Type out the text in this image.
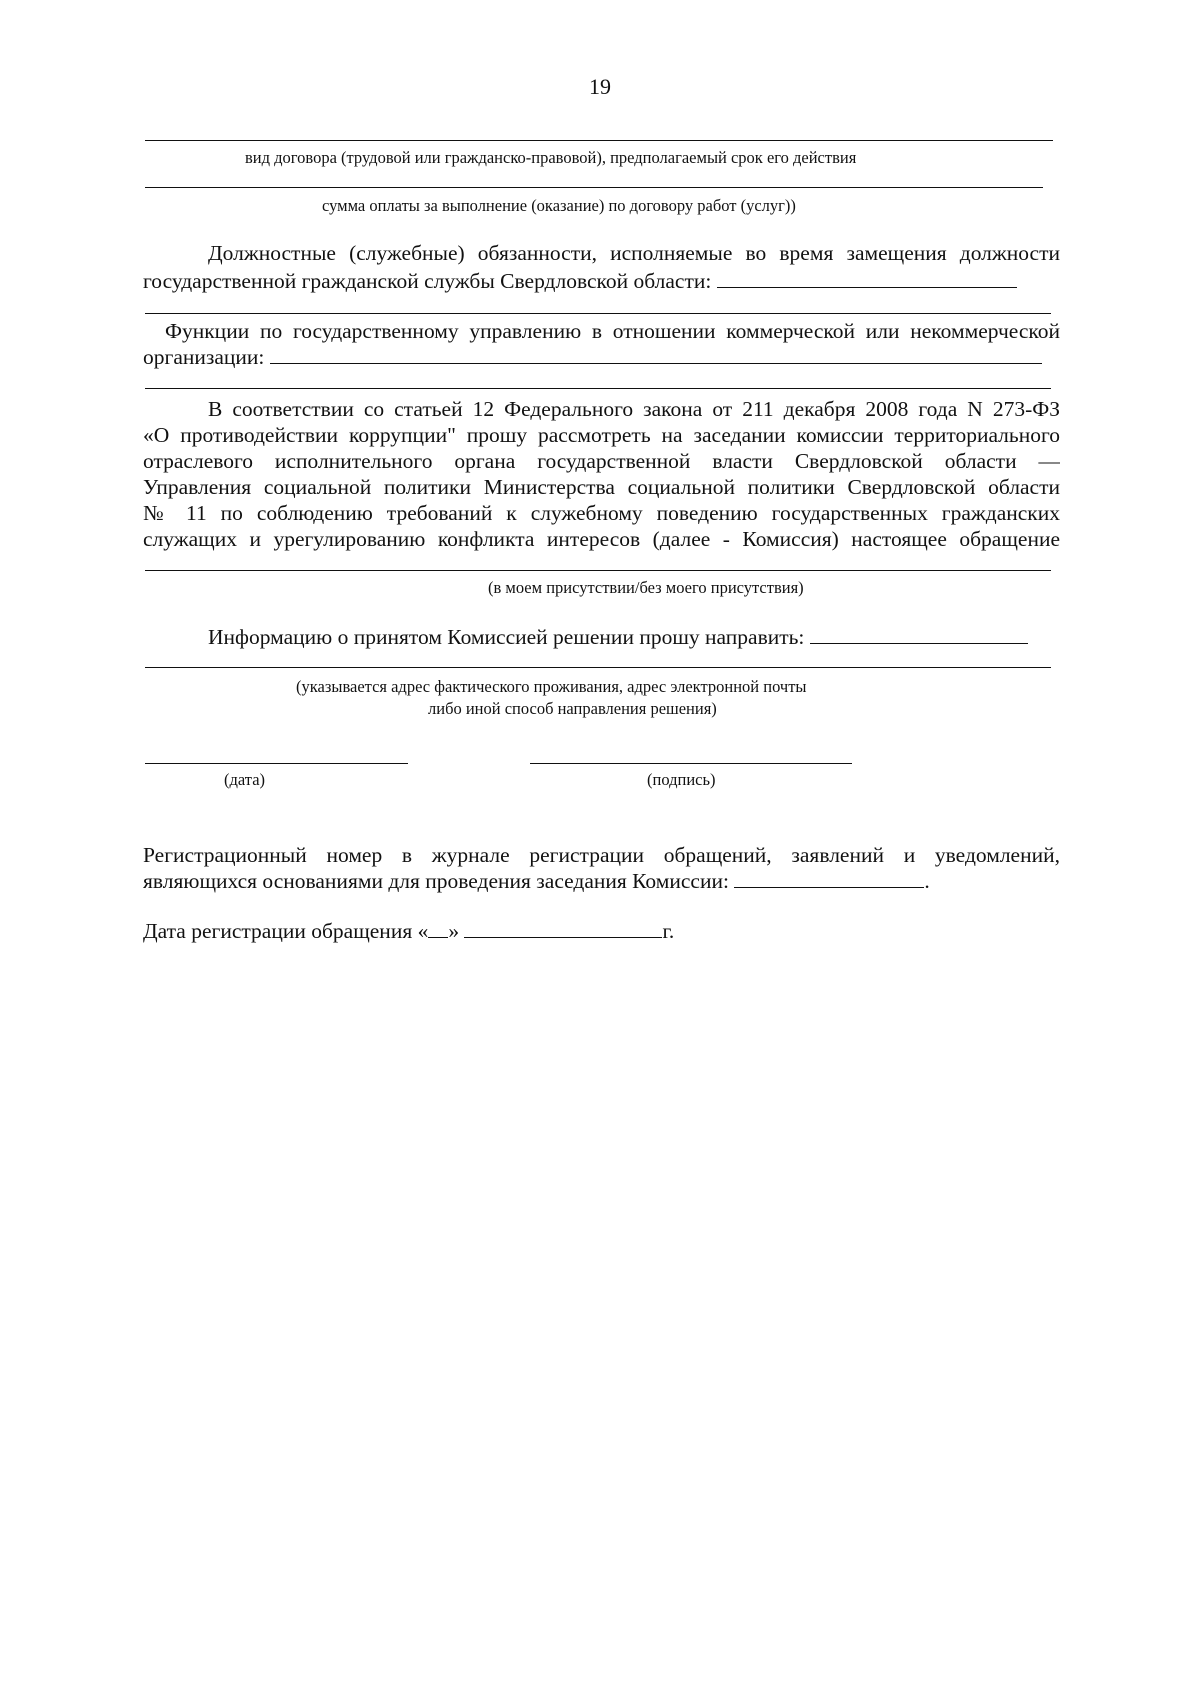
19
вид договора (трудовой или гражданско-правовой), предполагаемый срок его действия
сумма оплаты за выполнение (оказание) по договору работ (услуг))
Должностные (служебные) обязанности, исполняемые во время замещения должности
государственной гражданской службы Свердловской области:
Функции по государственному управлению в отношении коммерческой или некоммерческой
организации:
В соответствии со статьей 12 Федерального закона от 211 декабря 2008 года N 273-ФЗ
«О противодействии коррупции" прошу рассмотреть на заседании комиссии территориального
отраслевого исполнительного органа государственной власти Свердловской области —
Управления социальной политики Министерства социальной политики Свердловской области
№ 11 по соблюдению требований к служебному поведению государственных гражданских
служащих и урегулированию конфликта интересов (далее - Комиссия) настоящее обращение
(в моем присутствии/без моего присутствия)
Информацию о принятом Комиссией решении прошу направить:
(указывается адрес фактического проживания, адрес электронной почты
либо иной способ направления решения)
(дата)	(подпись)
Регистрационный номер в журнале регистрации обращений, заявлений и уведомлений,
являющихся основаниями для проведения заседания Комиссии:	.
Дата регистрации обращения « »	г.
